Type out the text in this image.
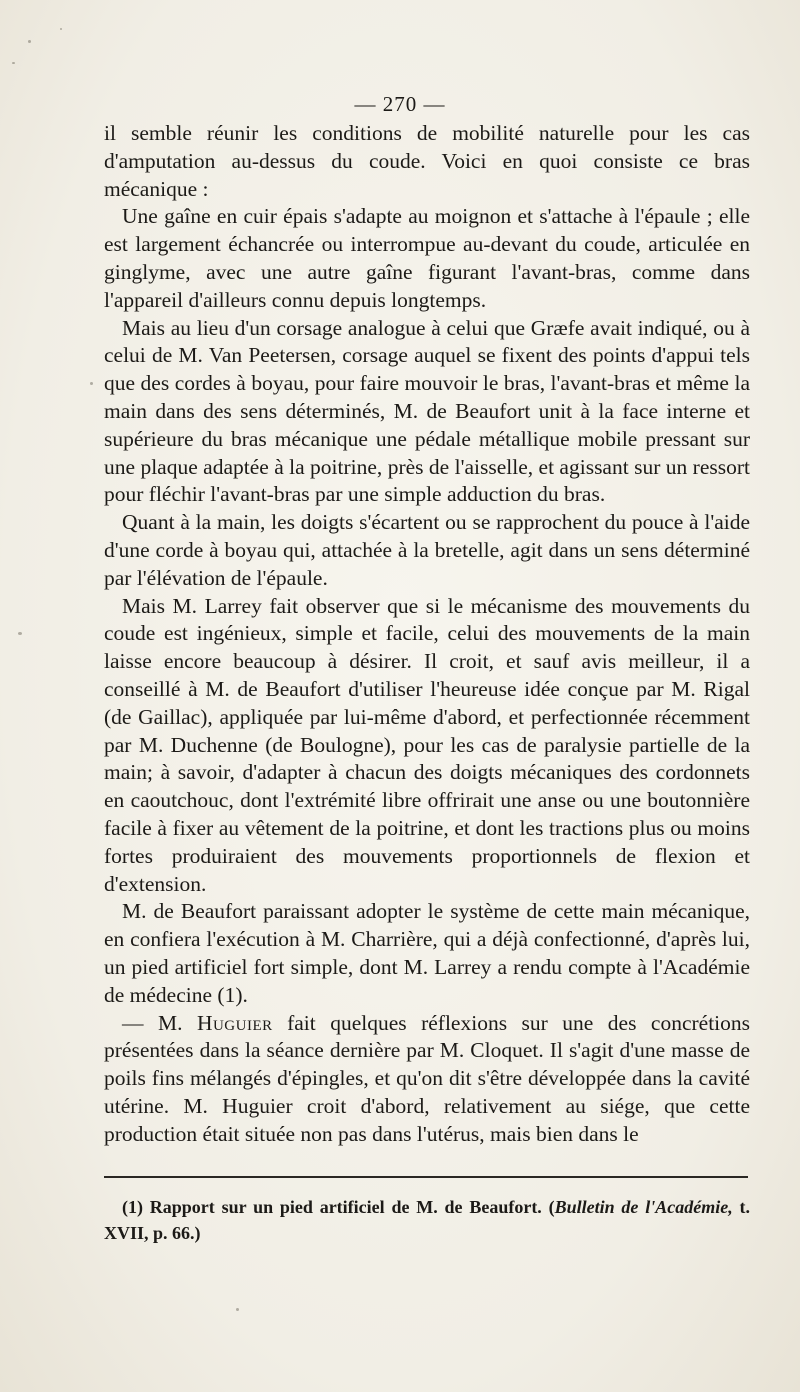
— 270 —

il semble réunir les conditions de mobilité naturelle pour les cas d'amputation au-dessus du coude. Voici en quoi consiste ce bras mécanique :

Une gaîne en cuir épais s'adapte au moignon et s'attache à l'épaule ; elle est largement échancrée ou interrompue au-devant du coude, articulée en ginglyme, avec une autre gaîne figurant l'avant-bras, comme dans l'appareil d'ailleurs connu depuis longtemps.

Mais au lieu d'un corsage analogue à celui que Græfe avait indiqué, ou à celui de M. Van Peetersen, corsage auquel se fixent des points d'appui tels que des cordes à boyau, pour faire mouvoir le bras, l'avant-bras et même la main dans des sens déterminés, M. de Beaufort unit à la face interne et supérieure du bras mécanique une pédale métallique mobile pressant sur une plaque adaptée à la poitrine, près de l'aisselle, et agissant sur un ressort pour fléchir l'avant-bras par une simple adduction du bras.

Quant à la main, les doigts s'écartent ou se rapprochent du pouce à l'aide d'une corde à boyau qui, attachée à la bretelle, agit dans un sens déterminé par l'élévation de l'épaule.

Mais M. Larrey fait observer que si le mécanisme des mouvements du coude est ingénieux, simple et facile, celui des mouvements de la main laisse encore beaucoup à désirer. Il croit, et sauf avis meilleur, il a conseillé à M. de Beaufort d'utiliser l'heureuse idée conçue par M. Rigal (de Gaillac), appliquée par lui-même d'abord, et perfectionnée récemment par M. Duchenne (de Boulogne), pour les cas de paralysie partielle de la main; à savoir, d'adapter à chacun des doigts mécaniques des cordonnets en caoutchouc, dont l'extrémité libre offrirait une anse ou une boutonnière facile à fixer au vêtement de la poitrine, et dont les tractions plus ou moins fortes produiraient des mouvements proportionnels de flexion et d'extension.

M. de Beaufort paraissant adopter le système de cette main mécanique, en confiera l'exécution à M. Charrière, qui a déjà confectionné, d'après lui, un pied artificiel fort simple, dont M. Larrey a rendu compte à l'Académie de médecine (1).

— M. Huguier fait quelques réflexions sur une des concrétions présentées dans la séance dernière par M. Cloquet. Il s'agit d'une masse de poils fins mélangés d'épingles, et qu'on dit s'être développée dans la cavité utérine. M. Huguier croit d'abord, relativement au siége, que cette production était située non pas dans l'utérus, mais bien dans le

(1) Rapport sur un pied artificiel de M. de Beaufort. (Bulletin de l'Académie, t. XVII, p. 66.)
